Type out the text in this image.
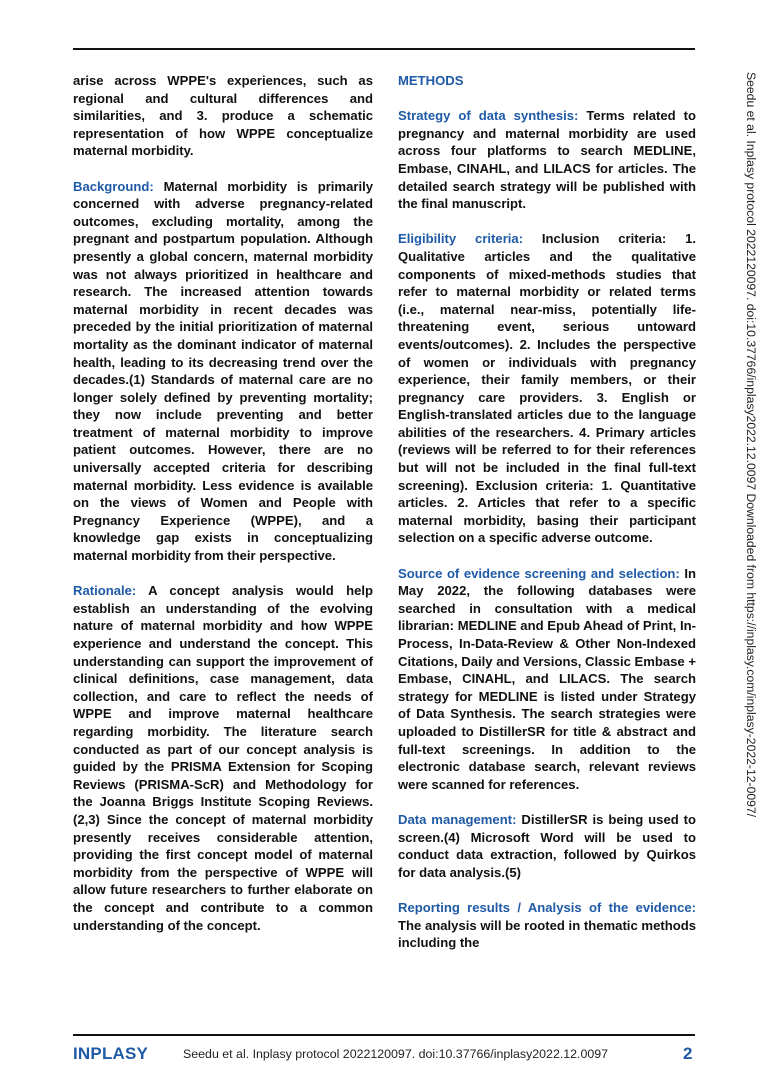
arise across WPPE's experiences, such as regional and cultural differences and similarities, and 3. produce a schematic representation of how WPPE conceptualize maternal morbidity.

Background: Maternal morbidity is primarily concerned with adverse pregnancy-related outcomes, excluding mortality, among the pregnant and postpartum population. Although presently a global concern, maternal morbidity was not always prioritized in healthcare and research. The increased attention towards maternal morbidity in recent decades was preceded by the initial prioritization of maternal mortality as the dominant indicator of maternal health, leading to its decreasing trend over the decades.(1) Standards of maternal care are no longer solely defined by preventing mortality; they now include preventing and better treatment of maternal morbidity to improve patient outcomes. However, there are no universally accepted criteria for describing maternal morbidity. Less evidence is available on the views of Women and People with Pregnancy Experience (WPPE), and a knowledge gap exists in conceptualizing maternal morbidity from their perspective.

Rationale: A concept analysis would help establish an understanding of the evolving nature of maternal morbidity and how WPPE experience and understand the concept. This understanding can support the improvement of clinical definitions, case management, data collection, and care to reflect the needs of WPPE and improve maternal healthcare regarding morbidity. The literature search conducted as part of our concept analysis is guided by the PRISMA Extension for Scoping Reviews (PRISMA-ScR) and Methodology for the Joanna Briggs Institute Scoping Reviews.(2,3) Since the concept of maternal morbidity presently receives considerable attention, providing the first concept model of maternal morbidity from the perspective of WPPE will allow future researchers to further elaborate on the concept and contribute to a common understanding of the concept.

METHODS

Strategy of data synthesis: Terms related to pregnancy and maternal morbidity are used across four platforms to search MEDLINE, Embase, CINAHL, and LILACS for articles. The detailed search strategy will be published with the final manuscript.

Eligibility criteria: Inclusion criteria: 1. Qualitative articles and the qualitative components of mixed-methods studies that refer to maternal morbidity or related terms (i.e., maternal near-miss, potentially life-threatening event, serious untoward events/outcomes). 2. Includes the perspective of women or individuals with pregnancy experience, their family members, or their pregnancy care providers. 3. English or English-translated articles due to the language abilities of the researchers. 4. Primary articles (reviews will be referred to for their references but will not be included in the final full-text screening). Exclusion criteria: 1. Quantitative articles. 2. Articles that refer to a specific maternal morbidity, basing their participant selection on a specific adverse outcome.

Source of evidence screening and selection: In May 2022, the following databases were searched in consultation with a medical librarian: MEDLINE and Epub Ahead of Print, In-Process, In-Data-Review & Other Non-Indexed Citations, Daily and Versions, Classic Embase + Embase, CINAHL, and LILACS. The search strategy for MEDLINE is listed under Strategy of Data Synthesis. The search strategies were uploaded to DistillerSR for title & abstract and full-text screenings. In addition to the electronic database search, relevant reviews were scanned for references.

Data management: DistillerSR is being used to screen.(4) Microsoft Word will be used to conduct data extraction, followed by Quirkos for data analysis.(5)

Reporting results / Analysis of the evidence: The analysis will be rooted in thematic methods including the

Seedu et al. Inplasy protocol 2022120097. doi:10.37766/inplasy2022.12.0097 Downloaded from https://inplasy.com/inplasy-2022-12-0097/
INPLASY	Seedu et al. Inplasy protocol 2022120097. doi:10.37766/inplasy2022.12.0097	2
